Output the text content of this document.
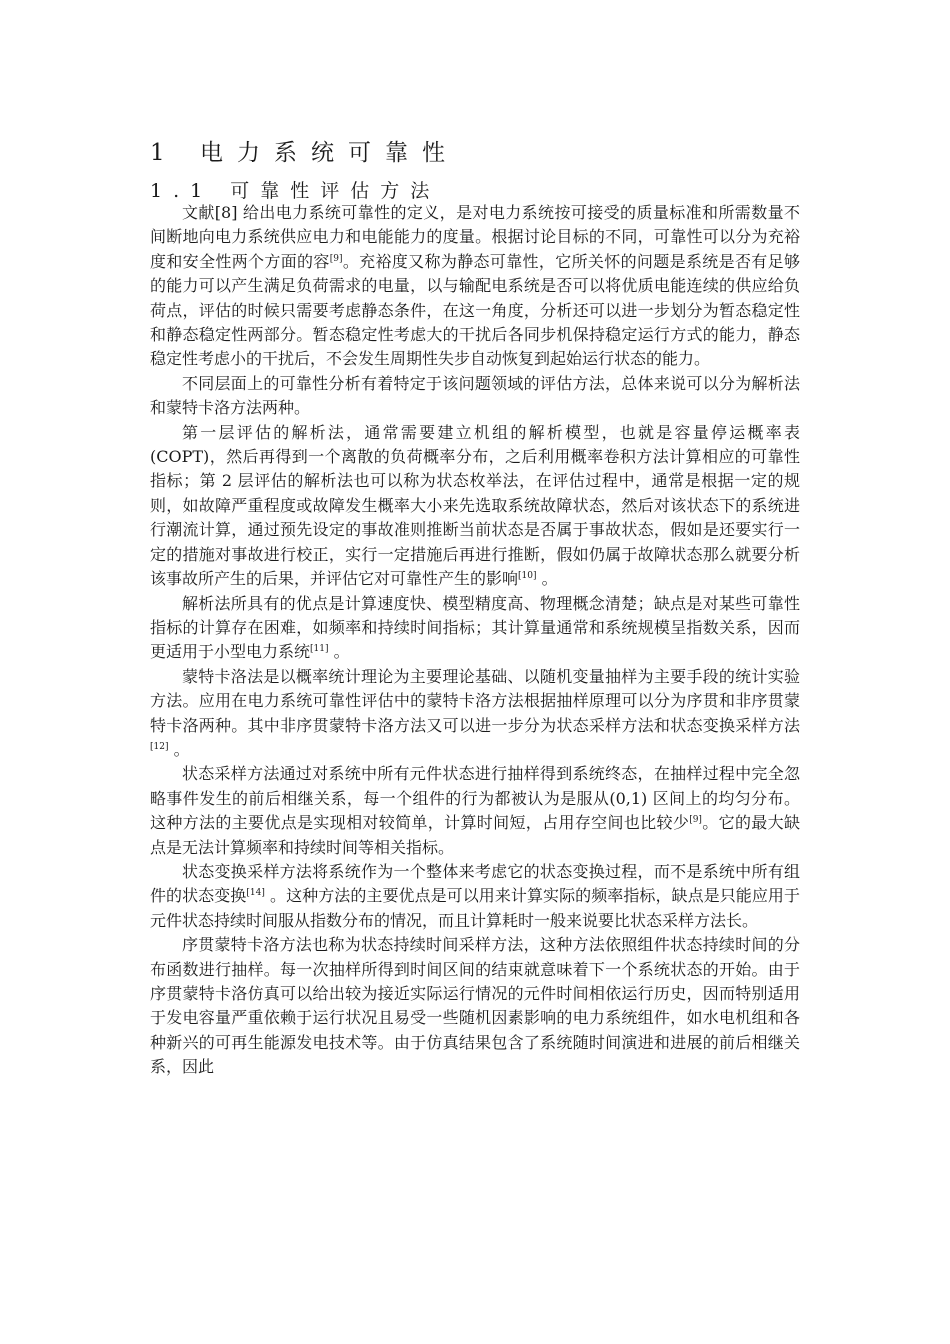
1 电力系统可靠性
1.1 可靠性评估方法

文献[8] 给出电力系统可靠性的定义，是对电力系统按可接受的质量标准和所需数量不间断地向电力系统供应电力和电能能力的度量。根据讨论目标的不同，可靠性可以分为充裕度和安全性两个方面的容[9]。充裕度又称为静态可靠性，它所关怀的问题是系统是否有足够的能力可以产生满足负荷需求的电量，以与输配电系统是否可以将优质电能连续的供应给负荷点，评估的时候只需要考虑静态条件，在这一角度，分析还可以进一步划分为暂态稳定性和静态稳定性两部分。暂态稳定性考虑大的干扰后各同步机保持稳定运行方式的能力，静态稳定性考虑小的干扰后，不会发生周期性失步自动恢复到起始运行状态的能力。

不同层面上的可靠性分析有着特定于该问题领域的评估方法，总体来说可以分为解析法和蒙特卡洛方法两种。

第一层评估的解析法，通常需要建立机组的解析模型，也就是容量停运概率表(COPT)，然后再得到一个离散的负荷概率分布，之后利用概率卷积方法计算相应的可靠性指标；第 2 层评估的解析法也可以称为状态枚举法，在评估过程中，通常是根据一定的规则，如故障严重程度或故障发生概率大小来先选取系统故障状态，然后对该状态下的系统进行潮流计算，通过预先设定的事故准则推断当前状态是否属于事故状态，假如是还要实行一定的措施对事故进行校正，实行一定措施后再进行推断，假如仍属于故障状态那么就要分析该事故所产生的后果，并评估它对可靠性产生的影响[10] 。

解析法所具有的优点是计算速度快、模型精度高、物理概念清楚；缺点是对某些可靠性指标的计算存在困难，如频率和持续时间指标；其计算量通常和系统规模呈指数关系，因而更适用于小型电力系统[11] 。

蒙特卡洛法是以概率统计理论为主要理论基础、以随机变量抽样为主要手段的统计实验方法。应用在电力系统可靠性评估中的蒙特卡洛方法根据抽样原理可以分为序贯和非序贯蒙特卡洛两种。其中非序贯蒙特卡洛方法又可以进一步分为状态采样方法和状态变换采样方法[12] 。

状态采样方法通过对系统中所有元件状态进行抽样得到系统终态，在抽样过程中完全忽略事件发生的前后相继关系，每一个组件的行为都被认为是服从(0,1) 区间上的均匀分布。这种方法的主要优点是实现相对较简单，计算时间短，占用存空间也比较少[9]。它的最大缺点是无法计算频率和持续时间等相关指标。

状态变换采样方法将系统作为一个整体来考虑它的状态变换过程，而不是系统中所有组件的状态变换[14] 。这种方法的主要优点是可以用来计算实际的频率指标，缺点是只能应用于元件状态持续时间服从指数分布的情况，而且计算耗时一般来说要比状态采样方法长。

序贯蒙特卡洛方法也称为状态持续时间采样方法，这种方法依照组件状态持续时间的分布函数进行抽样。每一次抽样所得到时间区间的结束就意味着下一个系统状态的开始。由于序贯蒙特卡洛仿真可以给出较为接近实际运行情况的元件时间相依运行历史，因而特别适用于发电容量严重依赖于运行状况且易受一些随机因素影响的电力系统组件，如水电机组和各种新兴的可再生能源发电技术等。由于仿真结果包含了系统随时间演进和进展的前后相继关系，因此
